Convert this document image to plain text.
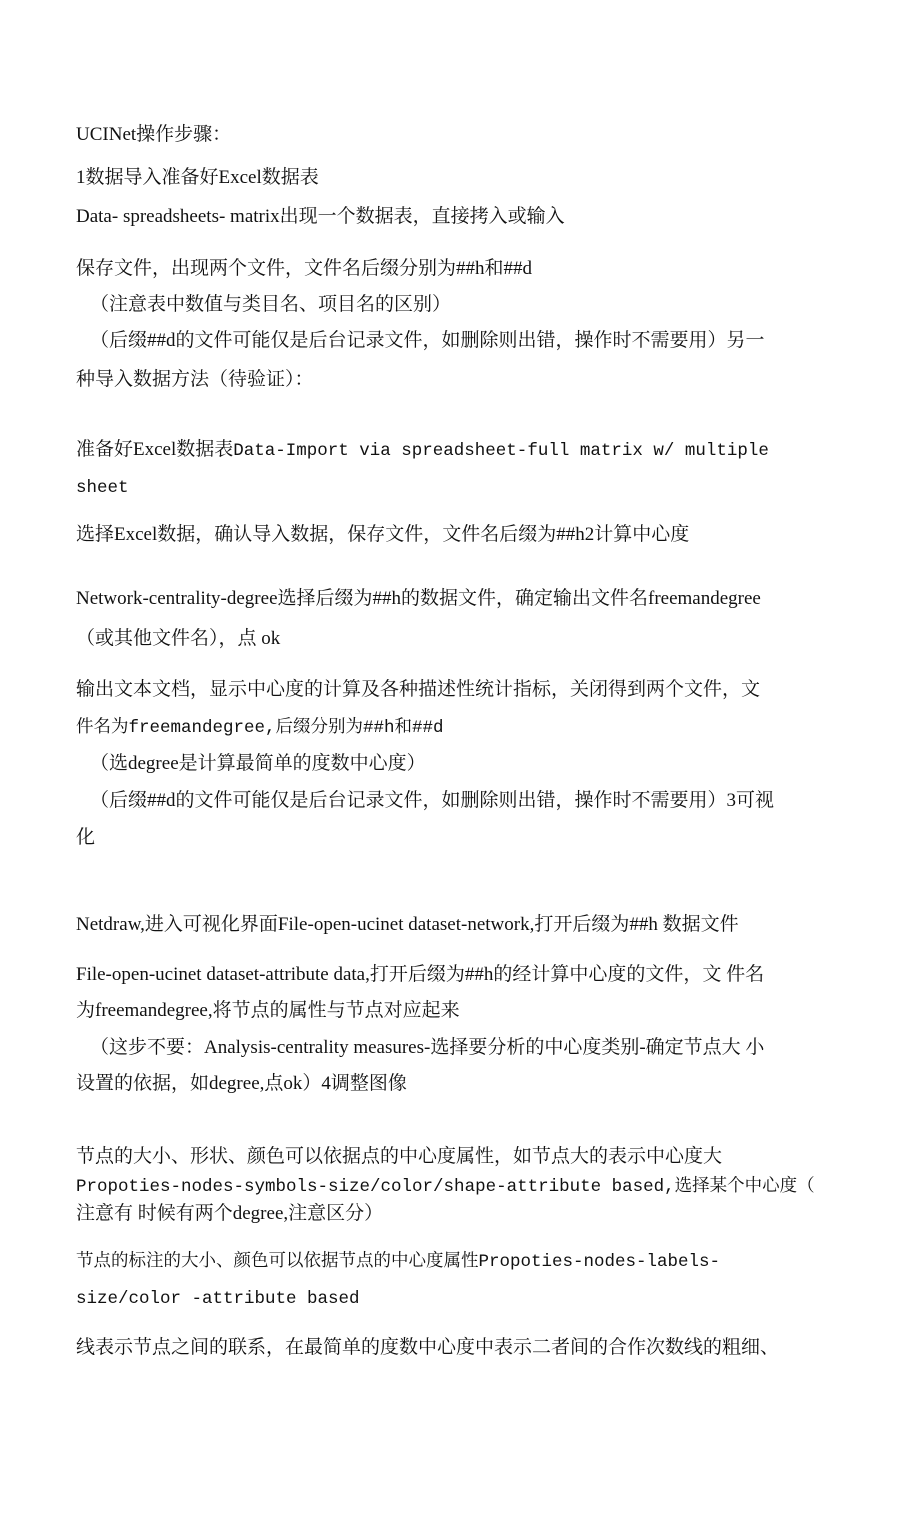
UCINet操作步骤：
1数据导入准备好Excel数据表
Data- spreadsheets- matrix出现一个数据表，直接拷入或输入
保存文件，出现两个文件，文件名后缀分别为##h和##d
（注意表中数值与类目名、项目名的区别）
（后缀##d的文件可能仅是后台记录文件，如删除则出错，操作时不需要用）另一
种导入数据方法（待验证）：
准备好Excel数据表Data-Import via spreadsheet-full matrix w/ multiple
sheet
选择Excel数据，确认导入数据，保存文件，文件名后缀为##h2计算中心度
Network-centrality-degree选择后缀为##h的数据文件，确定输出文件名freemandegree
（或其他文件名），点 ok
输出文本文档，显示中心度的计算及各种描述性统计指标，关闭得到两个文件，文
件名为freemandegree,后缀分别为##h和##d
（选degree是计算最简单的度数中心度）
（后缀##d的文件可能仅是后台记录文件，如删除则出错，操作时不需要用）3可视
化
Netdraw,进入可视化界面File-open-ucinet dataset-network,打开后缀为##h 数据文件
File-open-ucinet dataset-attribute data,打开后缀为##h的经计算中心度的文件，文 件名
为freemandegree,将节点的属性与节点对应起来
（这步不要：Analysis-centrality measures-选择要分析的中心度类别-确定节点大 小
设置的依据，如degree,点ok）4调整图像
节点的大小、形状、颜色可以依据点的中心度属性，如节点大的表示中心度大
Propoties-nodes-symbols-size/color/shape-attribute based,选择某个中心度（
注意有 时候有两个degree,注意区分）
节点的标注的大小、颜色可以依据节点的中心度属性Propoties-nodes-labels-
size/color -attribute based
线表示节点之间的联系，在最简单的度数中心度中表示二者间的合作次数线的粗细、
